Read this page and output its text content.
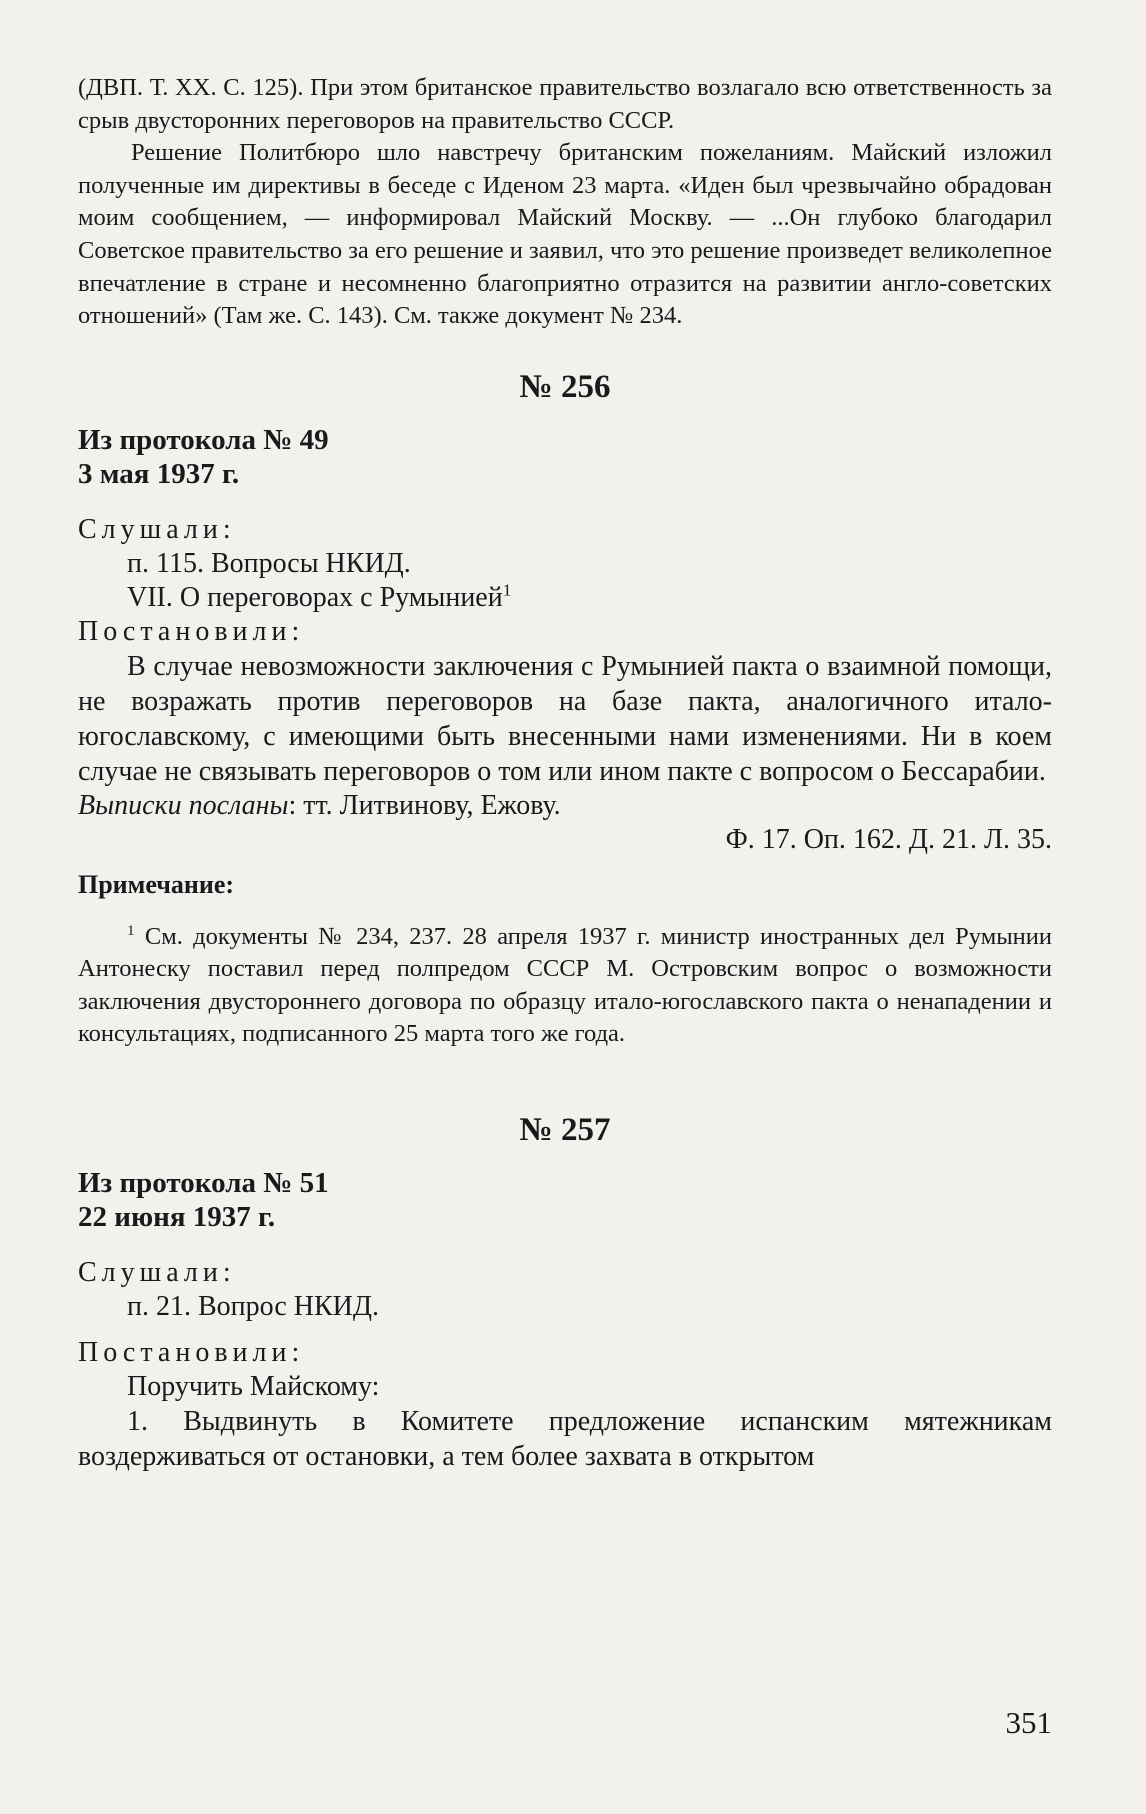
(ДВП. Т. XX. С. 125). При этом британское правительство возлагало всю ответственность за срыв двусторонних переговоров на правительство СССР.

Решение Политбюро шло навстречу британским пожеланиям. Майский изложил полученные им директивы в беседе с Иденом 23 марта. «Иден был чрезвычайно обрадован моим сообщением, — информировал Майский Москву. — ...Он глубоко благодарил Советское правительство за его решение и заявил, что это решение произведет великолепное впечатление в стране и несомненно благоприятно отразится на развитии англо-советских отношений» (Там же. С. 143). См. также документ № 234.

№ 256

Из протокола № 49

3 мая 1937 г.

Слушали:

п. 115. Вопросы НКИД.

VII. О переговорах с Румынией$^1$

Постановили:

В случае невозможности заключения с Румынией пакта о взаимной помощи, не возражать против переговоров на базе пакта, аналогичного итало-югославскому, с имеющими быть внесенными нами изменениями. Ни в коем случае не связывать переговоров о том или ином пакте с вопросом о Бессарабии.

Выписки посланы: тт. Литвинову, Ежову.

Ф. 17. Оп. 162. Д. 21. Л. 35.

Примечание:

$^1$ См. документы № 234, 237. 28 апреля 1937 г. министр иностранных дел Румынии Антонеску поставил перед полпредом СССР М. Островским вопрос о возможности заключения двустороннего договора по образцу итало-югославского пакта о ненападении и консультациях, подписанного 25 марта того же года.

№ 257

Из протокола № 51

22 июня 1937 г.

Слушали:

п. 21. Вопрос НКИД.

Постановили:

Поручить Майскому:

1. Выдвинуть в Комитете предложение испанским мятежникам воздерживаться от остановки, а тем более захвата в открытом

351
